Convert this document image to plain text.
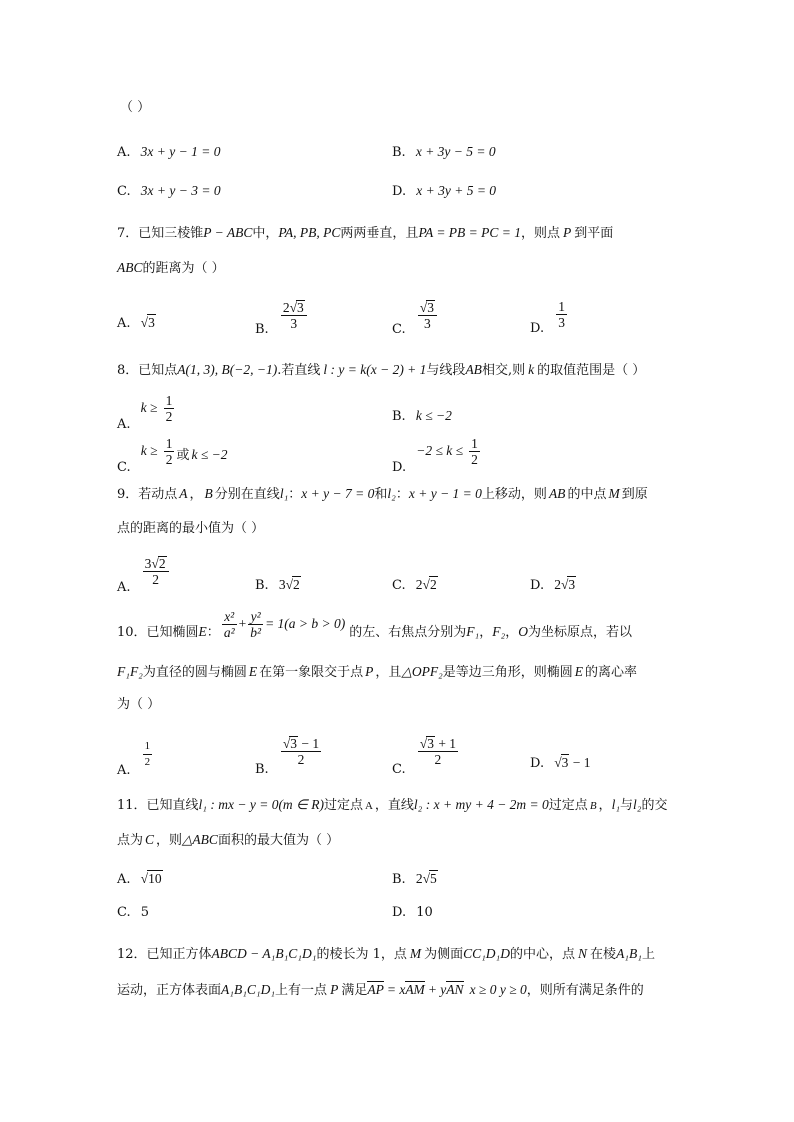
（ ）
A. 3x + y − 1 = 0	B. x + 3y − 5 = 0
C. 3x + y − 3 = 0	D. x + 3y + 5 = 0
7．已知三棱锥P − ABC中，PA, PB, PC两两垂直，且PA = PB = PC = 1，则点 P 到平面
ABC的距离为（ ）
A. √3	B. $\frac{2√3}{3}$	C. $\frac{√3}{3}$	D. $\frac{1}{3}$
8．已知点A(1, 3), B(−2, −1).若直线 l : y = k(x − 2) + 1与线段AB相交,则 k 的取值范围是（ ）
A. $k \ge \frac{1}{2}$	B. k ≤ −2
C. $k \ge \frac{1}{2}$ 或 k ≤ −2
D. $-2 \le k \le \frac{1}{2}$
9．若动点 A ， B 分别在直线l₁：x + y − 7 = 0和l₂：x + y − 1 = 0上移动，则 AB 的中点 M 到原
点的距离的最小值为（ ）
A.
$\frac{3√2}{2}$	B. 3√2	C. 2√2	D. 2√3
10．已知椭圆E： $\frac{\text{x²}}{\text{a²}} + \frac{\text{y²}}{\text{b²}} = 1(a > b > 0)$的左、右焦点分别为F₁，F₂，O为坐标原点，若以
F₁F₂为直径的圆与椭圆 E 在第一象限交于点 P ，且△OPF₂是等边三角形，则椭圆 E 的离心率
为（ ）
A.
$\frac{1}{2}$	B.
$\frac{√3 - 1}{2}$
C.
$\frac{√3 + 1}{2}$	D. √3 − 1
11．已知直线l₁ : mx − y = 0(m ∈ R)过定点 A ，直线l₂ : x + my + 4 − 2m = 0过定点 B ，l₁与l₂的交
点为 C ，则△ABC面积的最大值为（ ）
A. √10	B. 2√5
C. 5	D. 10
12．已知正方体ABCD − A₁B₁C₁D₁的棱长为 1，点 M 为侧面CC₁D₁D的中心，点 N 在棱A₁B₁上
运动，正方体表面A₁B₁C₁D₁上有一点 P 满足AP = xAM + yAN x ≥ 0 y ≥ 0，则所有满足条件的
